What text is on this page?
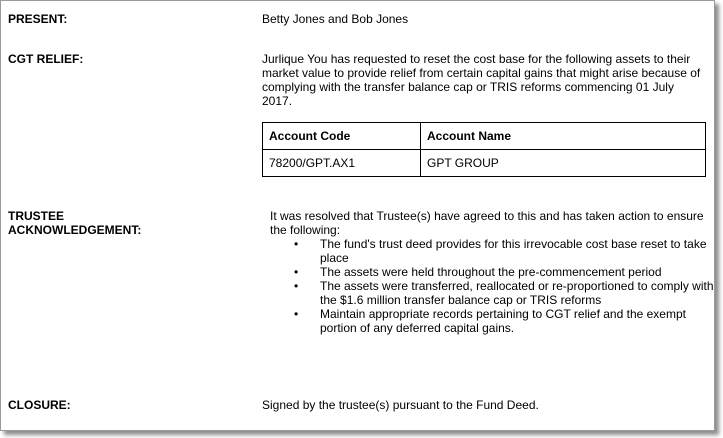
PRESENT:	Betty Jones and Bob Jones
CGT RELIEF:	Jurlique You has requested to reset the cost base for the following assets to their market value to provide relief from certain capital gains that might arise because of complying with the transfer balance cap or TRIS reforms commencing 01 July 2017.
Account Code	Account Name
78200/GPT.AX1	GPT GROUP
TRUSTEE
ACKNOWLEDGEMENT:
It was resolved that Trustee(s) have agreed to this and has taken action to ensure the following:
• The fund's trust deed provides for this irrevocable cost base reset to take place
• The assets were held throughout the pre-commencement period
• The assets were transferred, reallocated or re-proportioned to comply with the $1.6 million transfer balance cap or TRIS reforms
• Maintain appropriate records pertaining to CGT relief and the exempt portion of any deferred capital gains.
CLOSURE:	Signed by the trustee(s) pursuant to the Fund Deed.
